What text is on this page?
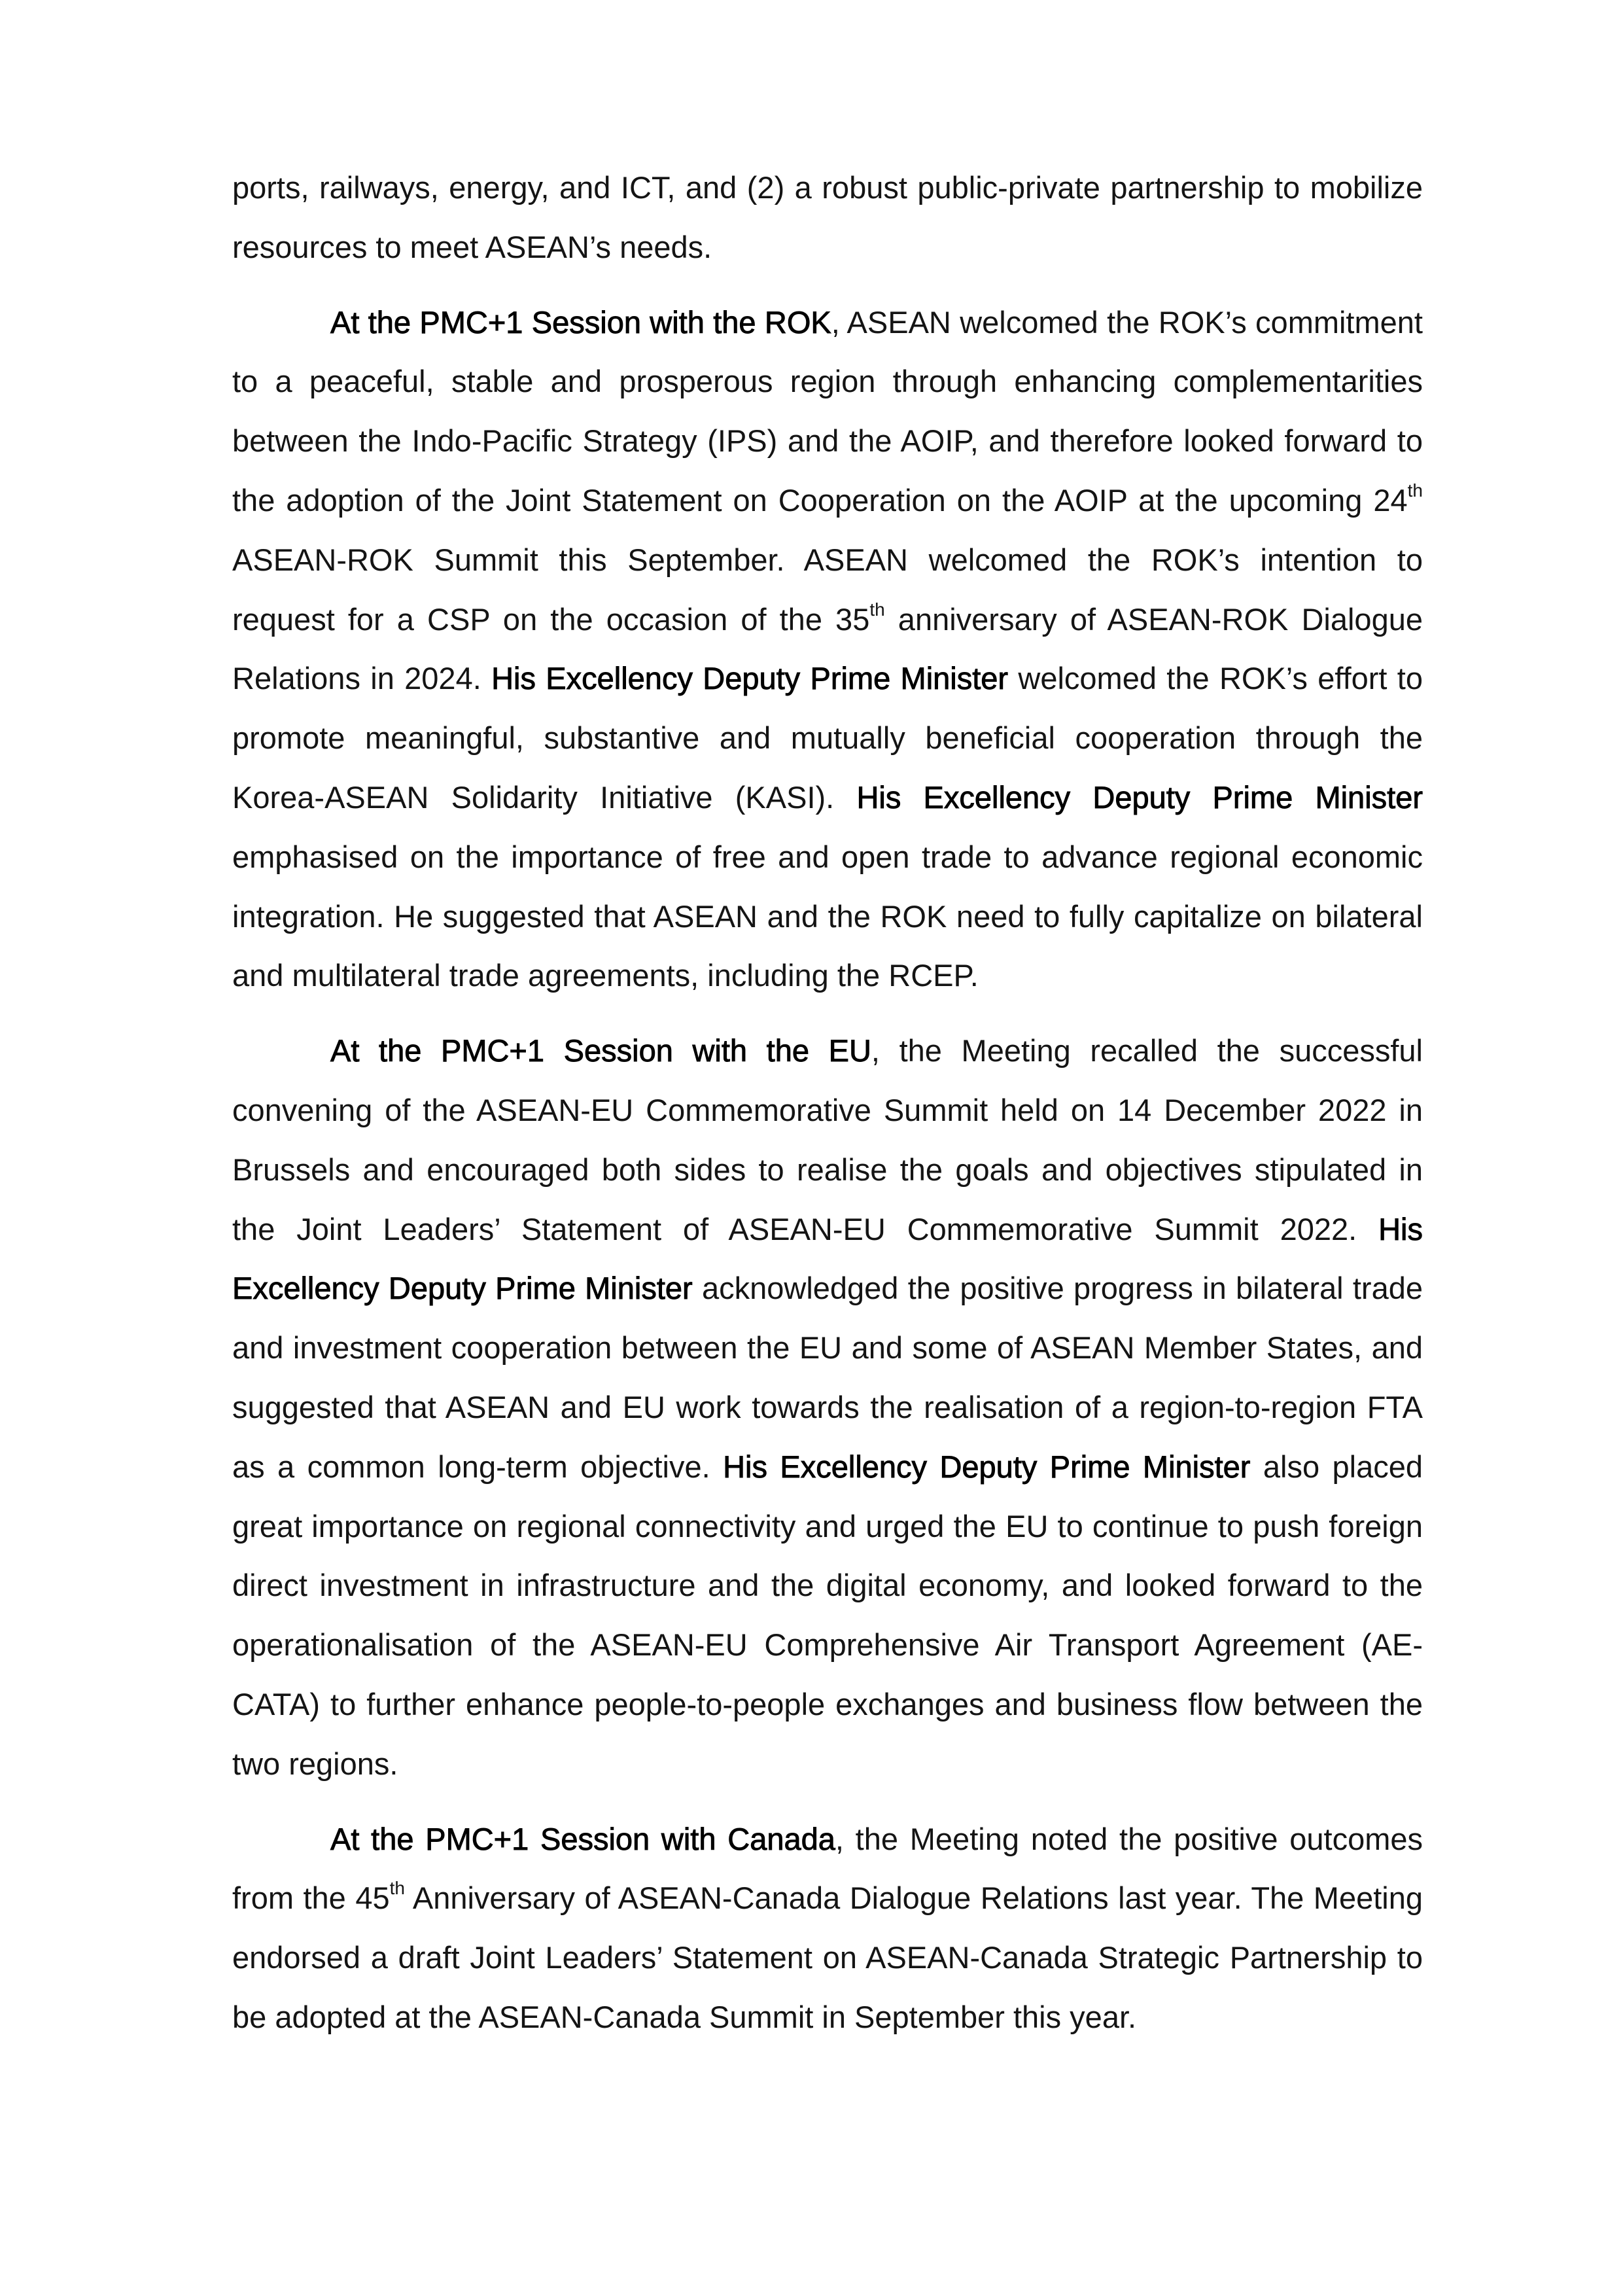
ports, railways, energy, and ICT, and (2) a robust public-private partnership to mobilize resources to meet ASEAN’s needs.

At the PMC+1 Session with the ROK, ASEAN welcomed the ROK’s commitment to a peaceful, stable and prosperous region through enhancing complementarities between the Indo-Pacific Strategy (IPS) and the AOIP, and therefore looked forward to the adoption of the Joint Statement on Cooperation on the AOIP at the upcoming 24th ASEAN-ROK Summit this September. ASEAN welcomed the ROK’s intention to request for a CSP on the occasion of the 35th anniversary of ASEAN-ROK Dialogue Relations in 2024. His Excellency Deputy Prime Minister welcomed the ROK’s effort to promote meaningful, substantive and mutually beneficial cooperation through the Korea-ASEAN Solidarity Initiative (KASI). His Excellency Deputy Prime Minister emphasised on the importance of free and open trade to advance regional economic integration. He suggested that ASEAN and the ROK need to fully capitalize on bilateral and multilateral trade agreements, including the RCEP.

At the PMC+1 Session with the EU, the Meeting recalled the successful convening of the ASEAN-EU Commemorative Summit held on 14 December 2022 in Brussels and encouraged both sides to realise the goals and objectives stipulated in the Joint Leaders’ Statement of ASEAN-EU Commemorative Summit 2022. His Excellency Deputy Prime Minister acknowledged the positive progress in bilateral trade and investment cooperation between the EU and some of ASEAN Member States, and suggested that ASEAN and EU work towards the realisation of a region-to-region FTA as a common long-term objective. His Excellency Deputy Prime Minister also placed great importance on regional connectivity and urged the EU to continue to push foreign direct investment in infrastructure and the digital economy, and looked forward to the operationalisation of the ASEAN-EU Comprehensive Air Transport Agreement (AE-CATA) to further enhance people-to-people exchanges and business flow between the two regions.

At the PMC+1 Session with Canada, the Meeting noted the positive outcomes from the 45th Anniversary of ASEAN-Canada Dialogue Relations last year. The Meeting endorsed a draft Joint Leaders’ Statement on ASEAN-Canada Strategic Partnership to be adopted at the ASEAN-Canada Summit in September this year.
